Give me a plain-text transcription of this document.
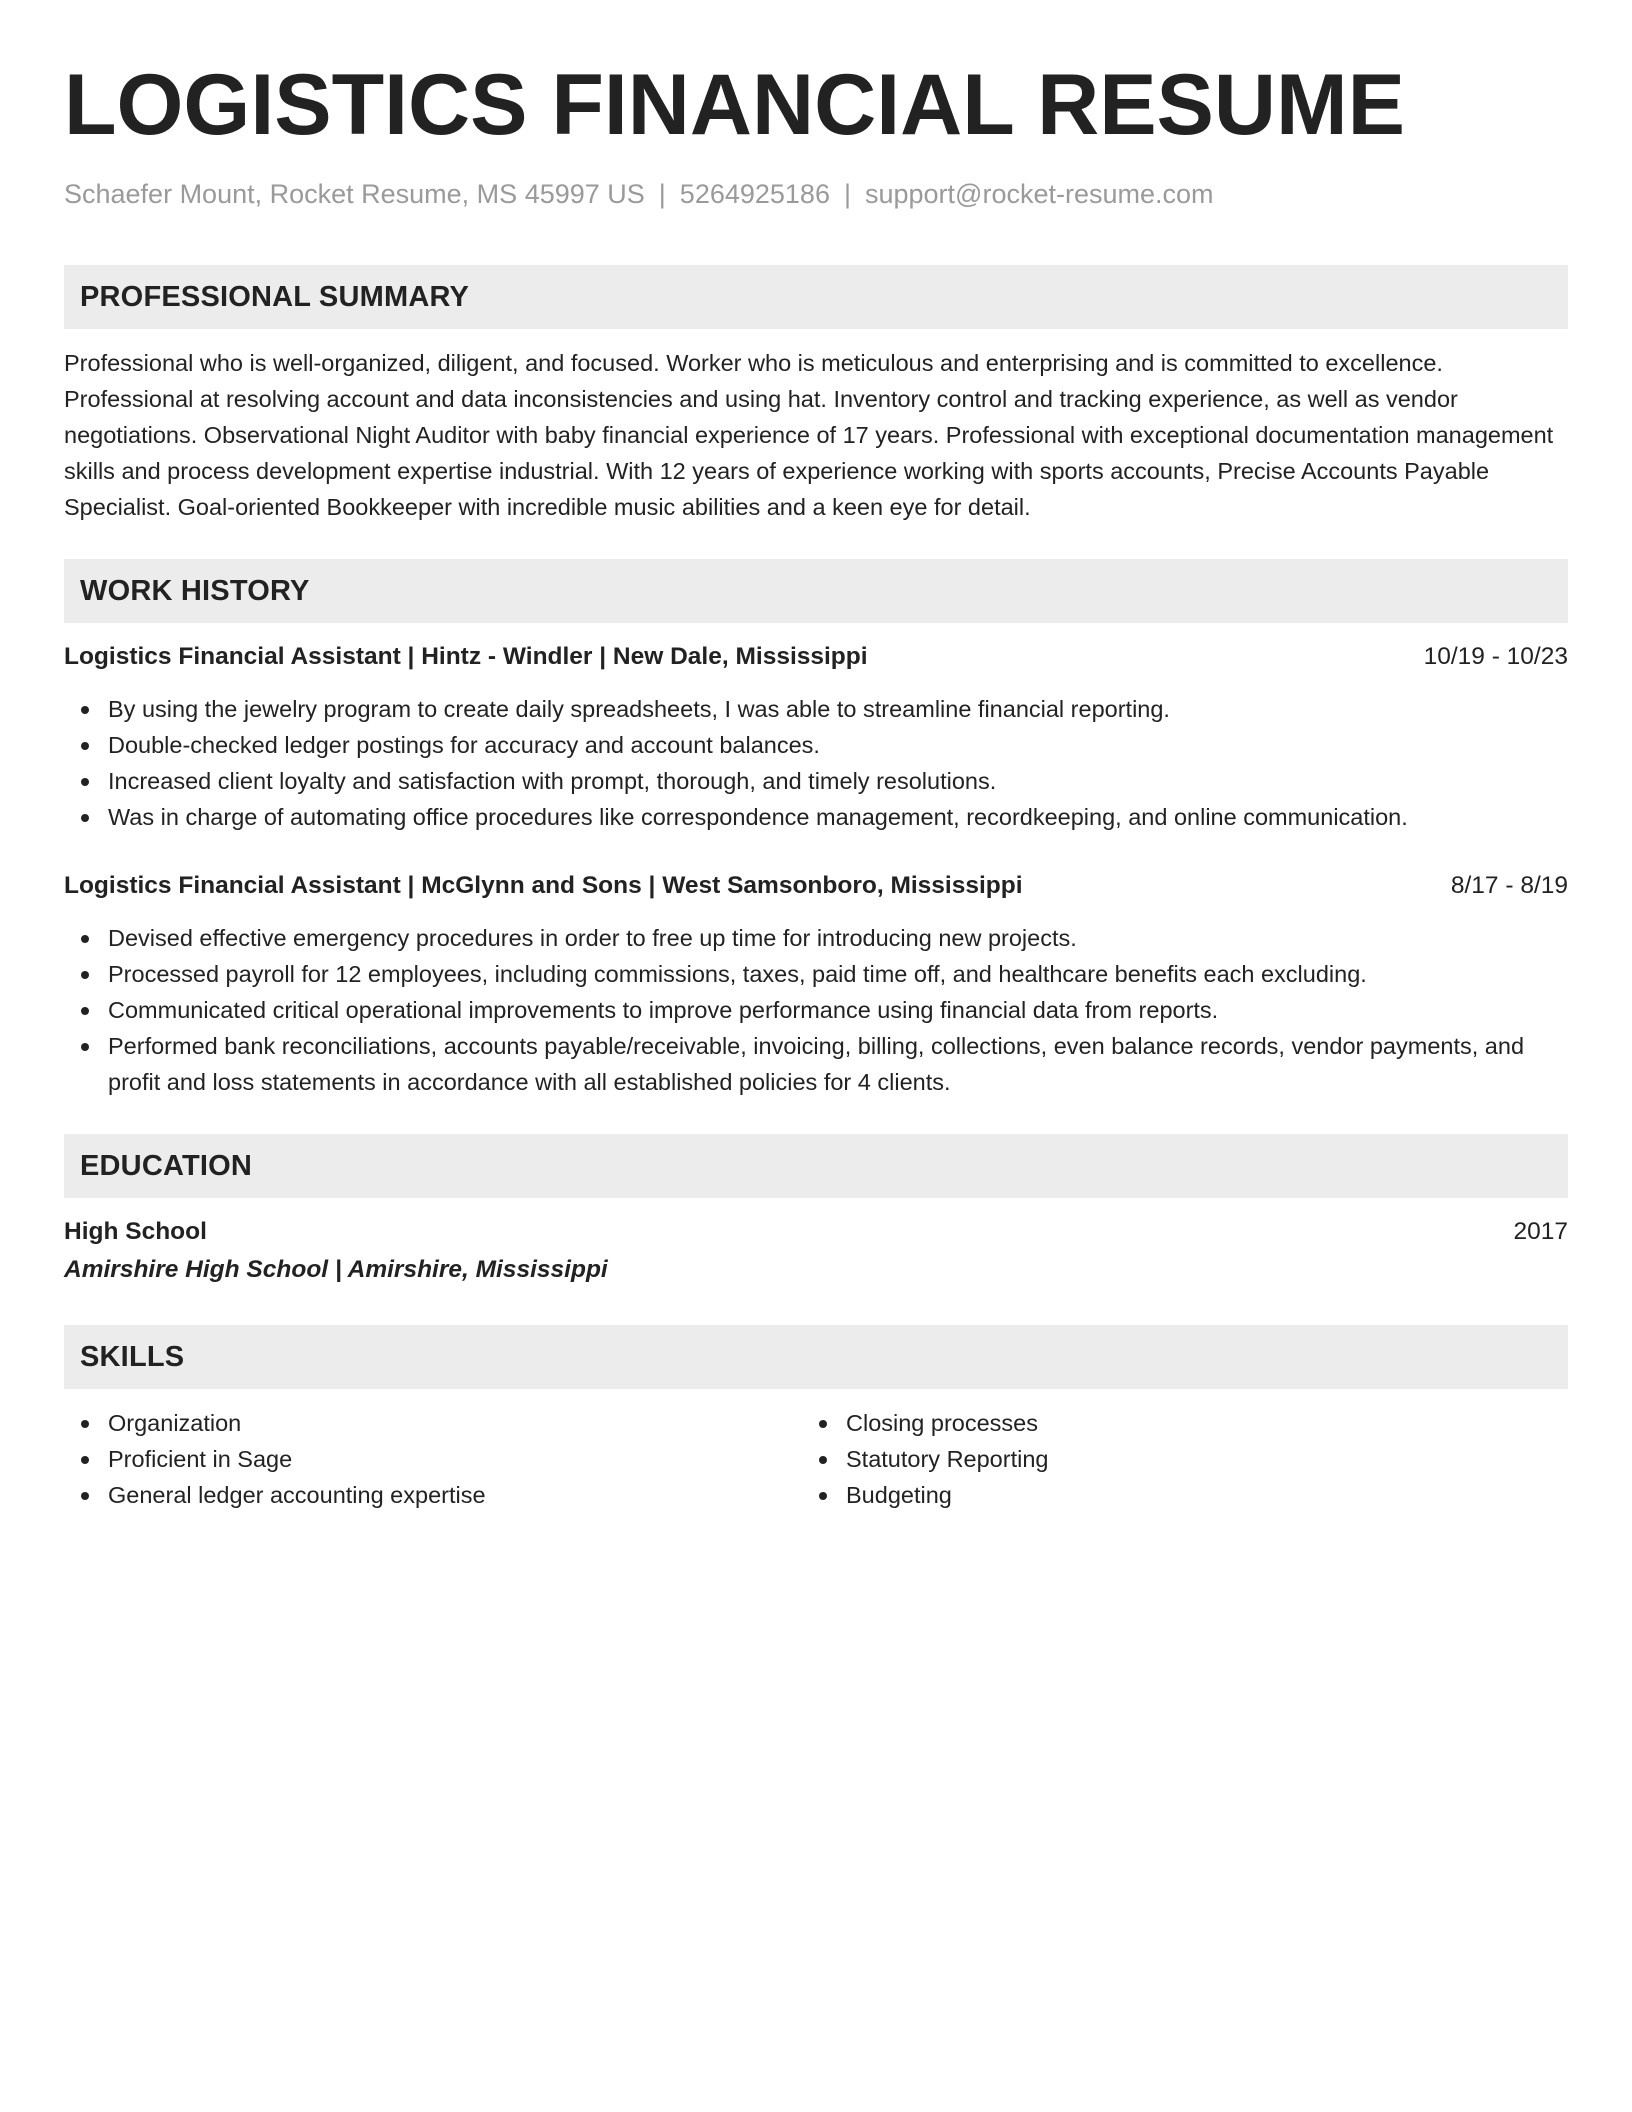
LOGISTICS FINANCIAL RESUME
Schaefer Mount, Rocket Resume, MS 45997 US | 5264925186 | support@rocket-resume.com
PROFESSIONAL SUMMARY

Professional who is well-organized, diligent, and focused. Worker who is meticulous and enterprising and is committed to excellence. Professional at resolving account and data inconsistencies and using hat. Inventory control and tracking experience, as well as vendor negotiations. Observational Night Auditor with baby financial experience of 17 years. Professional with exceptional documentation management skills and process development expertise industrial. With 12 years of experience working with sports accounts, Precise Accounts Payable Specialist. Goal-oriented Bookkeeper with incredible music abilities and a keen eye for detail.

WORK HISTORY
Logistics Financial Assistant | Hintz - Windler | New Dale, Mississippi	10/19 - 10/23
By using the jewelry program to create daily spreadsheets, I was able to streamline financial reporting.
Double-checked ledger postings for accuracy and account balances.
Increased client loyalty and satisfaction with prompt, thorough, and timely resolutions.
Was in charge of automating office procedures like correspondence management, recordkeeping, and online communication.
Logistics Financial Assistant | McGlynn and Sons | West Samsonboro, Mississippi	8/17 - 8/19
Devised effective emergency procedures in order to free up time for introducing new projects.
Processed payroll for 12 employees, including commissions, taxes, paid time off, and healthcare benefits each excluding.
Communicated critical operational improvements to improve performance using financial data from reports.
Performed bank reconciliations, accounts payable/receivable, invoicing, billing, collections, even balance records, vendor payments, and profit and loss statements in accordance with all established policies for 4 clients.
EDUCATION
High School	2017
Amirshire High School | Amirshire, Mississippi
SKILLS
Organization
Proficient in Sage
General ledger accounting expertise
Closing processes
Statutory Reporting
Budgeting
